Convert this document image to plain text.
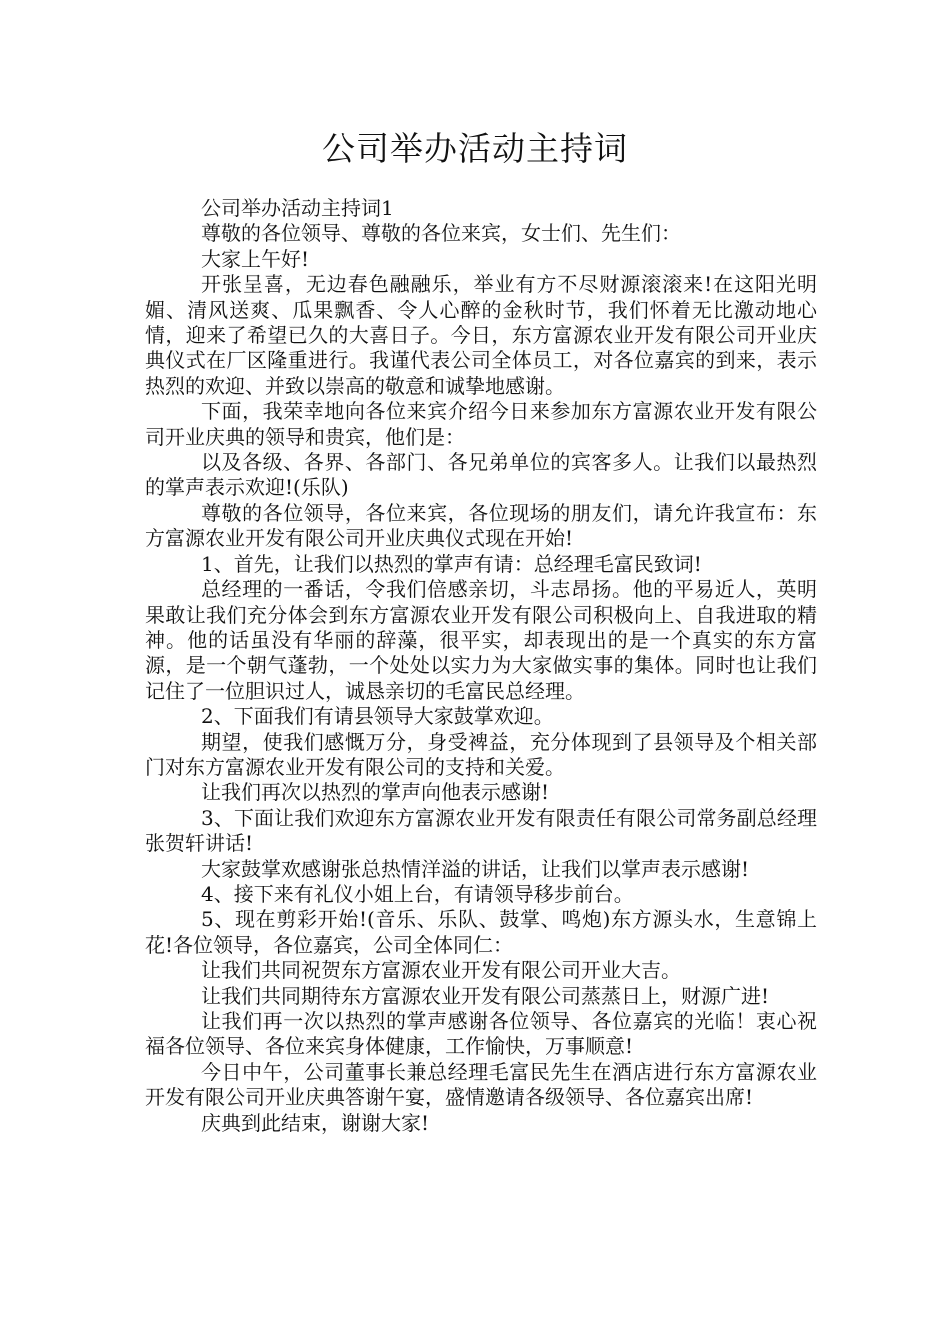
公司举办活动主持词

公司举办活动主持词1

尊敬的各位领导、尊敬的各位来宾，女士们、先生们：

大家上午好!

开张呈喜，无边春色融融乐，举业有方不尽财源滚滚来!在这阳光明媚、清风送爽、瓜果飘香、令人心醉的金秋时节，我们怀着无比激动地心情，迎来了希望已久的大喜日子。今日，东方富源农业开发有限公司开业庆典仪式在厂区隆重进行。我谨代表公司全体员工，对各位嘉宾的到来，表示热烈的欢迎、并致以崇高的敬意和诚挚地感谢。

下面，我荣幸地向各位来宾介绍今日来参加东方富源农业开发有限公司开业庆典的领导和贵宾，他们是：

以及各级、各界、各部门、各兄弟单位的宾客多人。让我们以最热烈的掌声表示欢迎!(乐队)

尊敬的各位领导，各位来宾，各位现场的朋友们，请允许我宣布：东方富源农业开发有限公司开业庆典仪式现在开始!

1、首先，让我们以热烈的掌声有请：总经理毛富民致词!

总经理的一番话，令我们倍感亲切，斗志昂扬。他的平易近人，英明果敢让我们充分体会到东方富源农业开发有限公司积极向上、自我进取的精神。他的话虽没有华丽的辞藻，很平实，却表现出的是一个真实的东方富源，是一个朝气蓬勃，一个处处以实力为大家做实事的集体。同时也让我们记住了一位胆识过人，诚恳亲切的毛富民总经理。

2、下面我们有请县领导大家鼓掌欢迎。

期望，使我们感慨万分，身受裨益，充分体现到了县领导及个相关部门对东方富源农业开发有限公司的支持和关爱。

让我们再次以热烈的掌声向他表示感谢!

3、下面让我们欢迎东方富源农业开发有限责任有限公司常务副总经理张贺轩讲话!

大家鼓掌欢感谢张总热情洋溢的讲话，让我们以掌声表示感谢!

4、接下来有礼仪小姐上台，有请领导移步前台。

5、现在剪彩开始!(音乐、乐队、鼓掌、鸣炮)东方源头水，生意锦上花!各位领导，各位嘉宾，公司全体同仁：

让我们共同祝贺东方富源农业开发有限公司开业大吉。

让我们共同期待东方富源农业开发有限公司蒸蒸日上，财源广进!

让我们再一次以热烈的掌声感谢各位领导、各位嘉宾的光临！衷心祝福各位领导、各位来宾身体健康，工作愉快，万事顺意!

今日中午，公司董事长兼总经理毛富民先生在酒店进行东方富源农业开发有限公司开业庆典答谢午宴，盛情邀请各级领导、各位嘉宾出席!

庆典到此结束，谢谢大家!
